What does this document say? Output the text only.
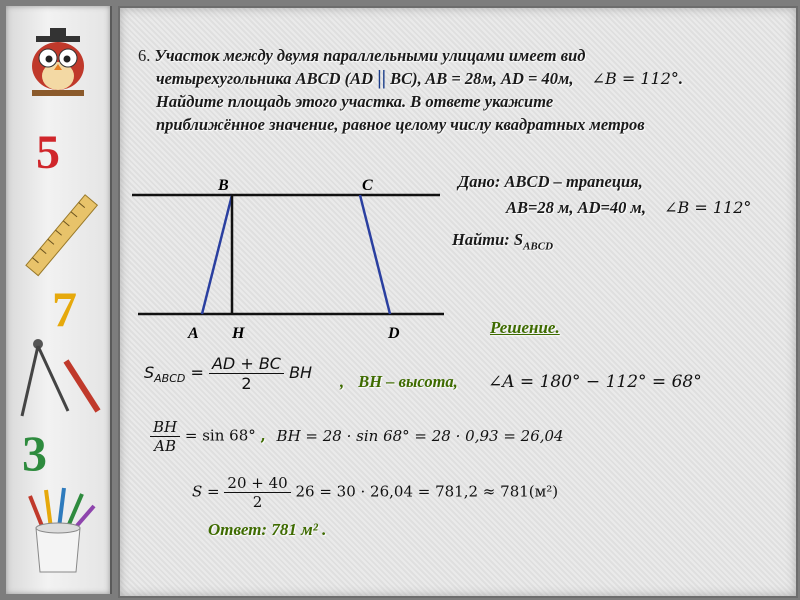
5
7
3
6. Участок между двумя параллельными улицами имеет вид
четырехугольника ABCD (AD || BC), AB = 28м, AD = 40м, ∠B = 112°.
Найдите площадь этого участка. В ответе укажите
приближённое значение, равное целому числу квадратных метров
B	C
A H	D
Дано: ABCD – трапеция,
AB=28 м, AD=40 м, ∠B = 112°
Найти: $S_{ABCD}$
Решение.
$S_{ABCD} = \frac{AD + BC}{2}$ BH , BH – высота, ∠A = 180° − 112° = 68°
$\frac{BH}{AB} = \sin 68^\circ$ , BH = 28 · sin 68° = 28 · 0,93 = 26,04
$S = \frac{20 + 40}{2} 26 = 30 \cdot 26,04 = 781,2 \approx 781(м^2)$
Ответ: 781 м² .
